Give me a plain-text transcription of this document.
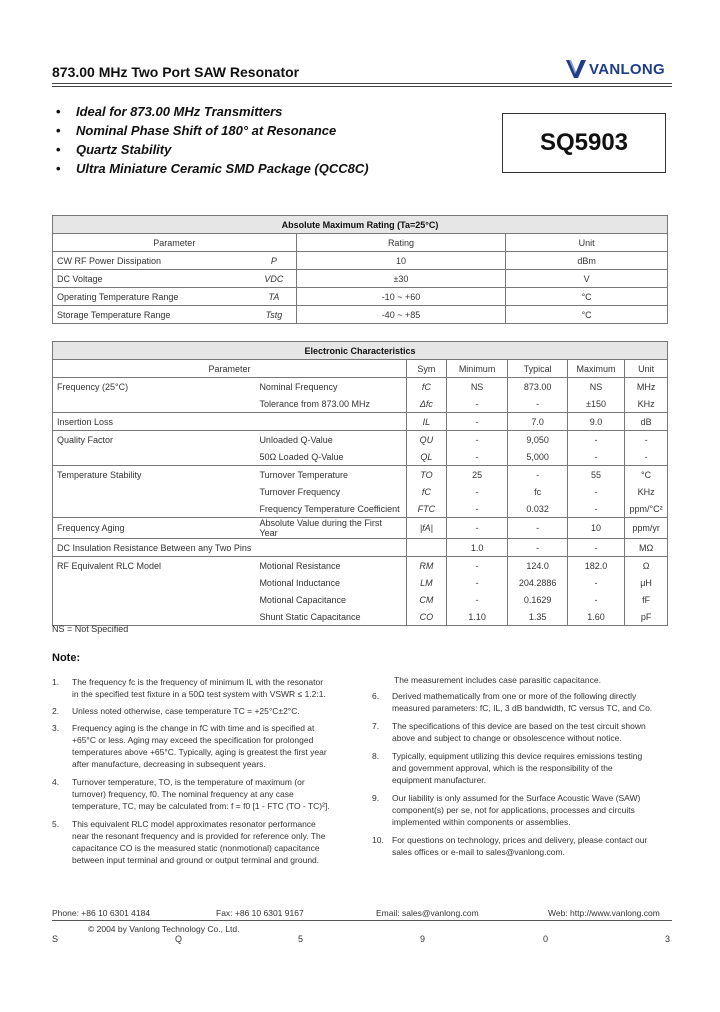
873.00 MHz Two Port SAW Resonator	VANLONG
• Ideal for 873.00 MHz Transmitters
• Nominal Phase Shift of 180° at Resonance
• Quartz Stability
• Ultra Miniature Ceramic SMD Package (QCC8C)
SQ5903
Absolute Maximum Rating (Ta=25°C)			
Parameter		Rating	Unit
CW RF Power Dissipation	P	10	dBm
DC Voltage	VDC	±30	V
Operating Temperature Range	TA	-10 ~ +60	°C
Storage Temperature Range	Tstg	-40 ~ +85	°C
Electronic Characteristics						
Parameter		Sym	Minimum	Typical	Maximum	Unit
Frequency (25°C)	Nominal Frequency	fC	NS	873.00	NS	MHz
	Tolerance from 873.00 MHz	Δfc	-	-	±150	KHz
Insertion Loss		IL	-	7.0	9.0	dB
Quality Factor	Unloaded Q-Value	QU	-	9,050	-	-
	50Ω Loaded Q-Value	QL	-	5,000	-	-
Temperature Stability	Turnover Temperature	TO	25	-	55	°C
	Turnover Frequency	fC	-	fc	-	KHz
	Frequency Temperature Coefficient	FTC	-	0.032	-	ppm/°C²
Frequency Aging	Absolute Value during the First Year	|fA|	-	-	10	ppm/yr
DC Insulation Resistance Between any Two Pins			1.0	-	-	MΩ
RF Equivalent RLC Model	Motional Resistance	RM	-	124.0	182.0	Ω
	Motional Inductance	LM	-	204.2886	-	μH
	Motional Capacitance	CM	-	0.1629	-	fF
	Shunt Static Capacitance	CO	1.10	1.35	1.60	pF
NS = Not Specified
Note:
The measurement includes case parasitic capacitance.
1. The frequency fc is the frequency of minimum IL with the resonator
in the specified test fixture in a 50Ω test system with VSWR ≤ 1.2:1.
2. Unless noted otherwise, case temperature TC = +25°C±2°C.
3. Frequency aging is the change in fC with time and is specified at
+65°C or less. Aging may exceed the specification for prolonged
temperatures above +65°C. Typically, aging is greatest the first year
after manufacture, decreasing in subsequent years.
4. Turnover temperature, TO, is the temperature of maximum (or
turnover) frequency, f0. The nominal frequency at any case
temperature, TC, may be calculated from: f = f0 [1 - FTC (TO - TC)²].
5. This equivalent RLC model approximates resonator performance
near the resonant frequency and is provided for reference only. The
capacitance CO is the measured static (nonmotional) capacitance
between input terminal and ground or output terminal and ground.
6. Derived mathematically from one or more of the following directly
measured parameters: fC, IL, 3 dB bandwidth, fC versus TC, and Co.
7. The specifications of this device are based on the test circuit shown
above and subject to change or obsolescence without notice.
8. Typically, equipment utilizing this device requires emissions testing
and government approval, which is the responsibility of the
equipment manufacturer.
9. Our liability is only assumed for the Surface Acoustic Wave (SAW)
component(s) per se, not for applications, processes and circuits
implemented within components or assemblies.
10. For questions on technology, prices and delivery, please contact our
sales offices or e-mail to sales@vanlong.com.
Phone: +86 10 6301 4184	Fax: +86 10 6301 9167	Email: sales@vanlong.com	Web: http://www.vanlong.com
© 2004 by Vanlong Technology Co., Ltd.
S	Q	5	9	0	3
